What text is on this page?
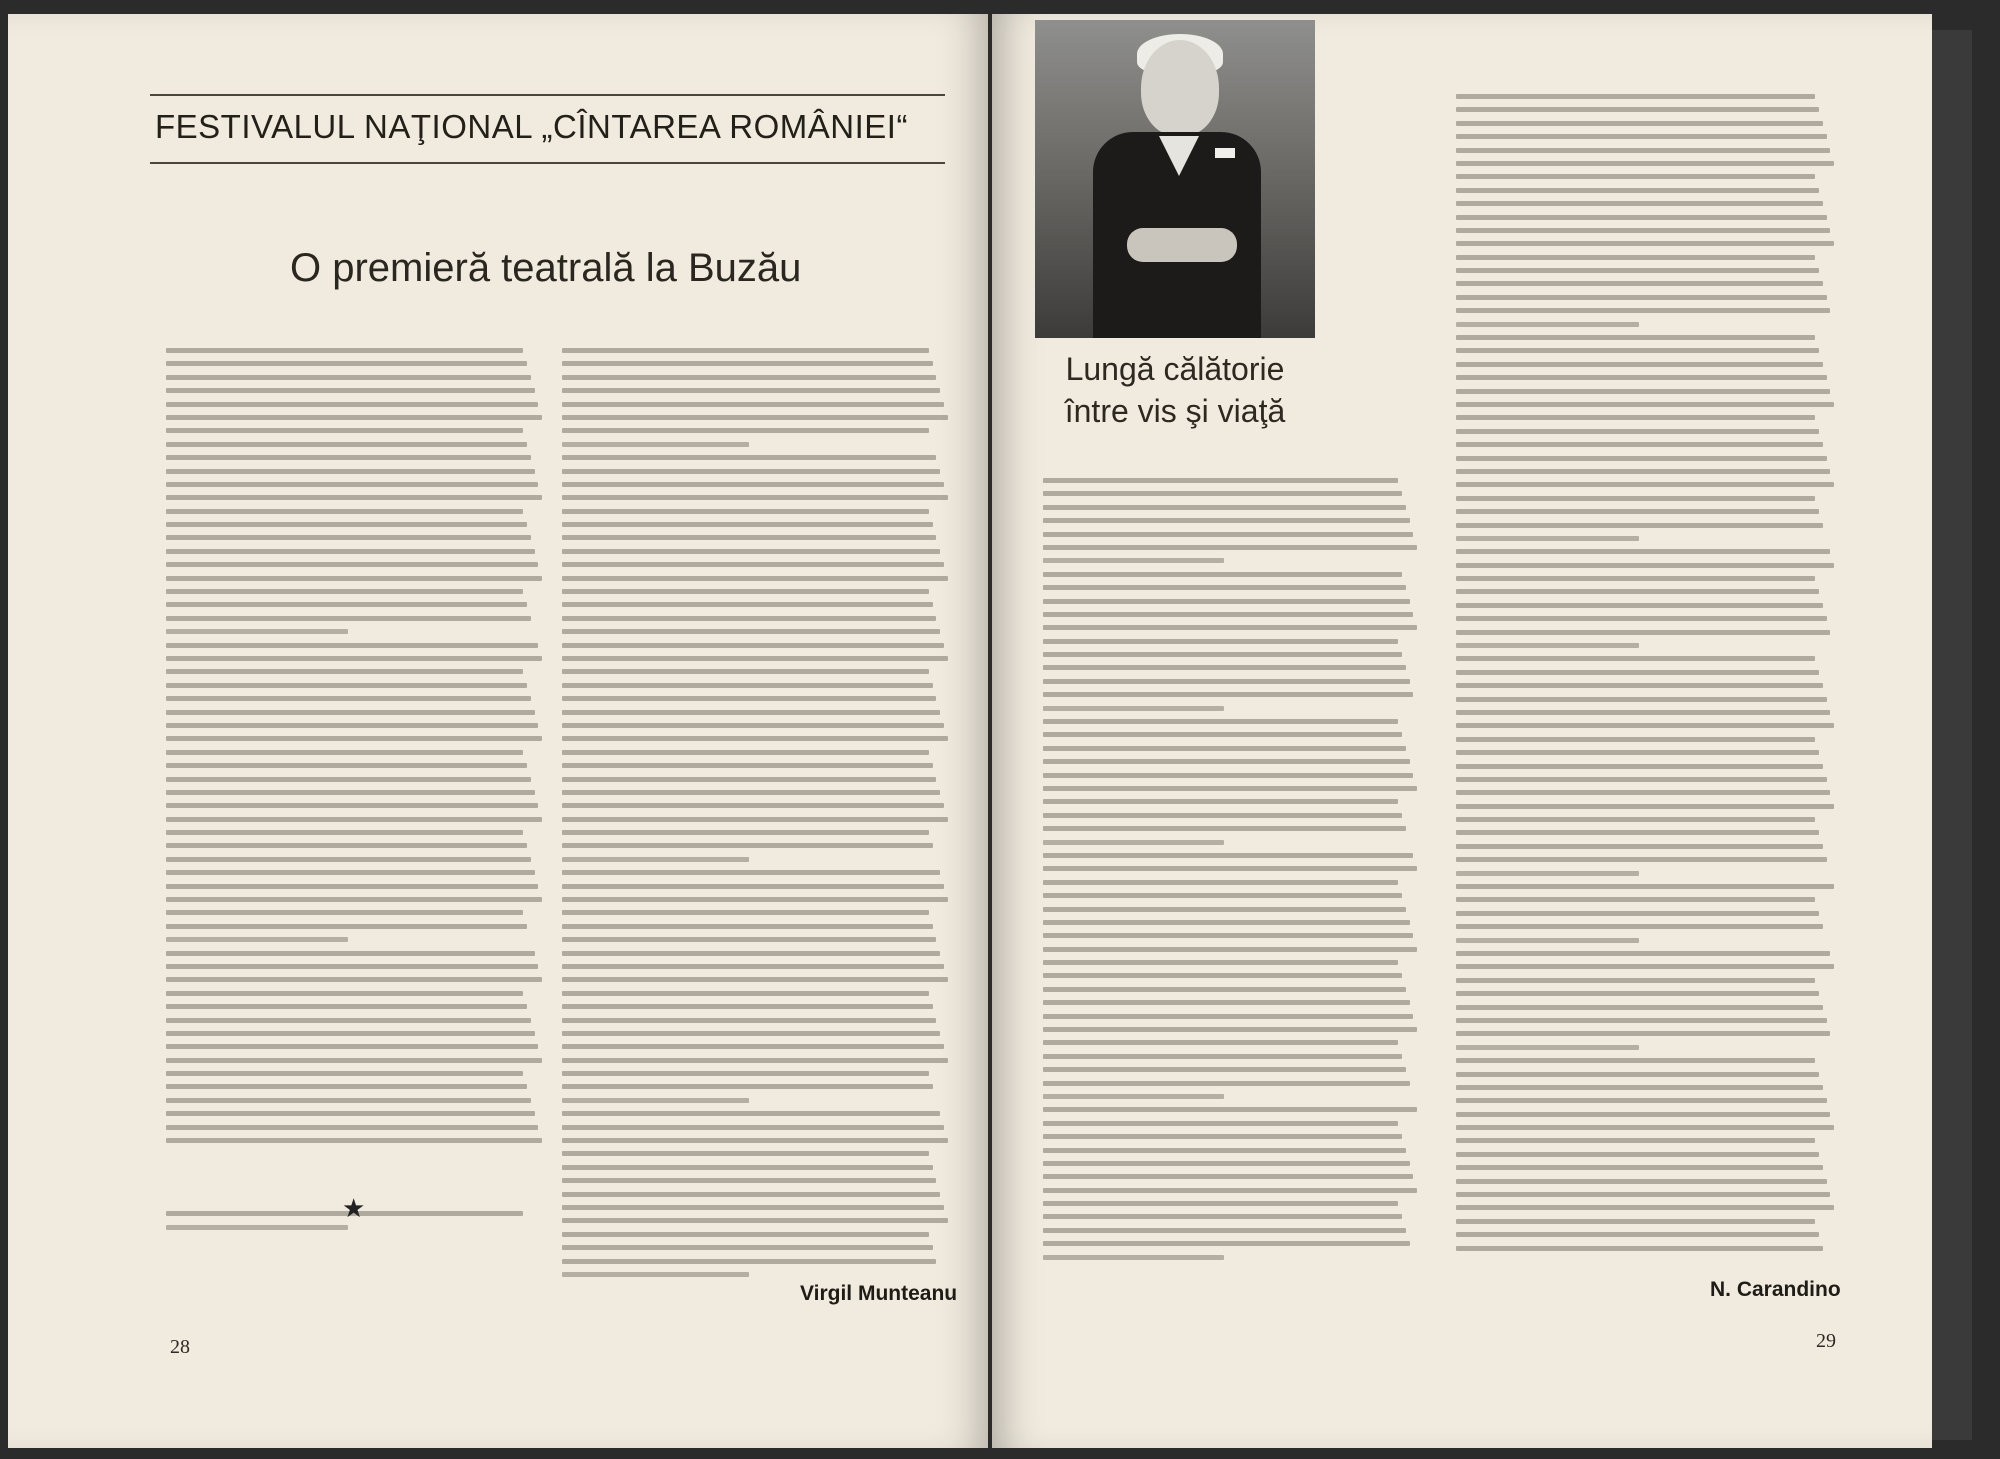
FESTIVALUL NAŢIONAL „CÎNTAREA ROMÂNIEI“
O premieră teatrală la Buzău
★
Virgil Munteanu
28
Lungă călătorie
între vis şi viaţă
N. Carandino
29
